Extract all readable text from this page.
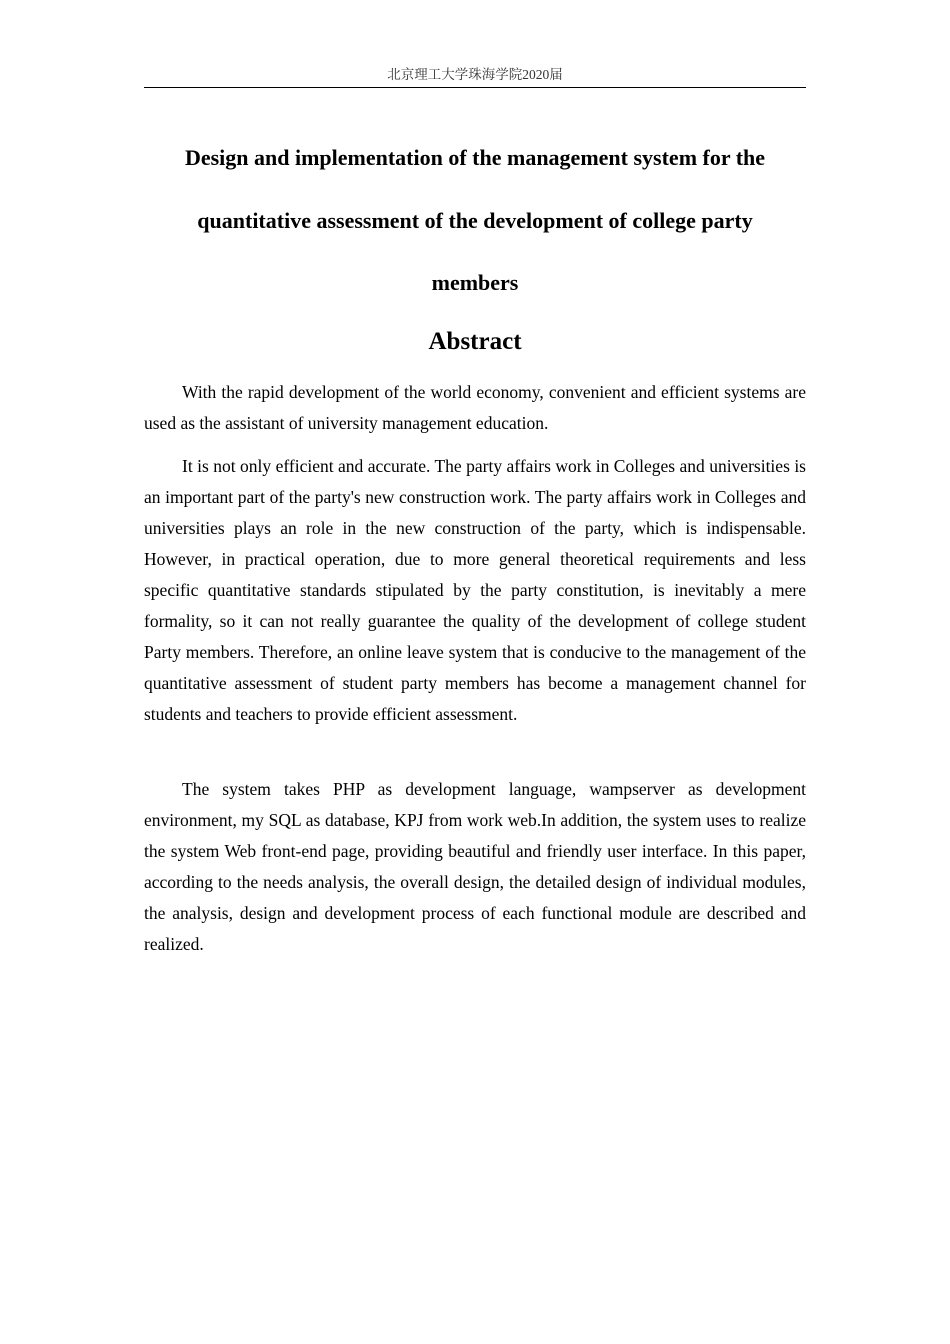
北京理工大学珠海学院2020届
Design and implementation of the management system for the
quantitative assessment of the development of college party
members
Abstract

With the rapid development of the world economy, convenient and efficient systems are used as the assistant of university management education.

It is not only efficient and accurate. The party affairs work in Colleges and universities is an important part of the party's new construction work. The party affairs work in Colleges and universities plays an role in the new construction of the party, which is indispensable. However, in practical operation, due to more general theoretical requirements and less specific quantitative standards stipulated by the party constitution, is inevitably a mere formality, so it can not really guarantee the quality of the development of college student Party members. Therefore, an online leave system that is conducive to the management of the quantitative assessment of student party members has become a management channel for students and teachers to provide efficient assessment.

The system takes PHP as development language, wampserver as development environment, my SQL as database, KPJ from work web.In addition, the system uses to realize the system Web front-end page, providing beautiful and friendly user interface. In this paper, according to the needs analysis, the overall design, the detailed design of individual modules, the analysis, design and development process of each functional module are described and realized.
